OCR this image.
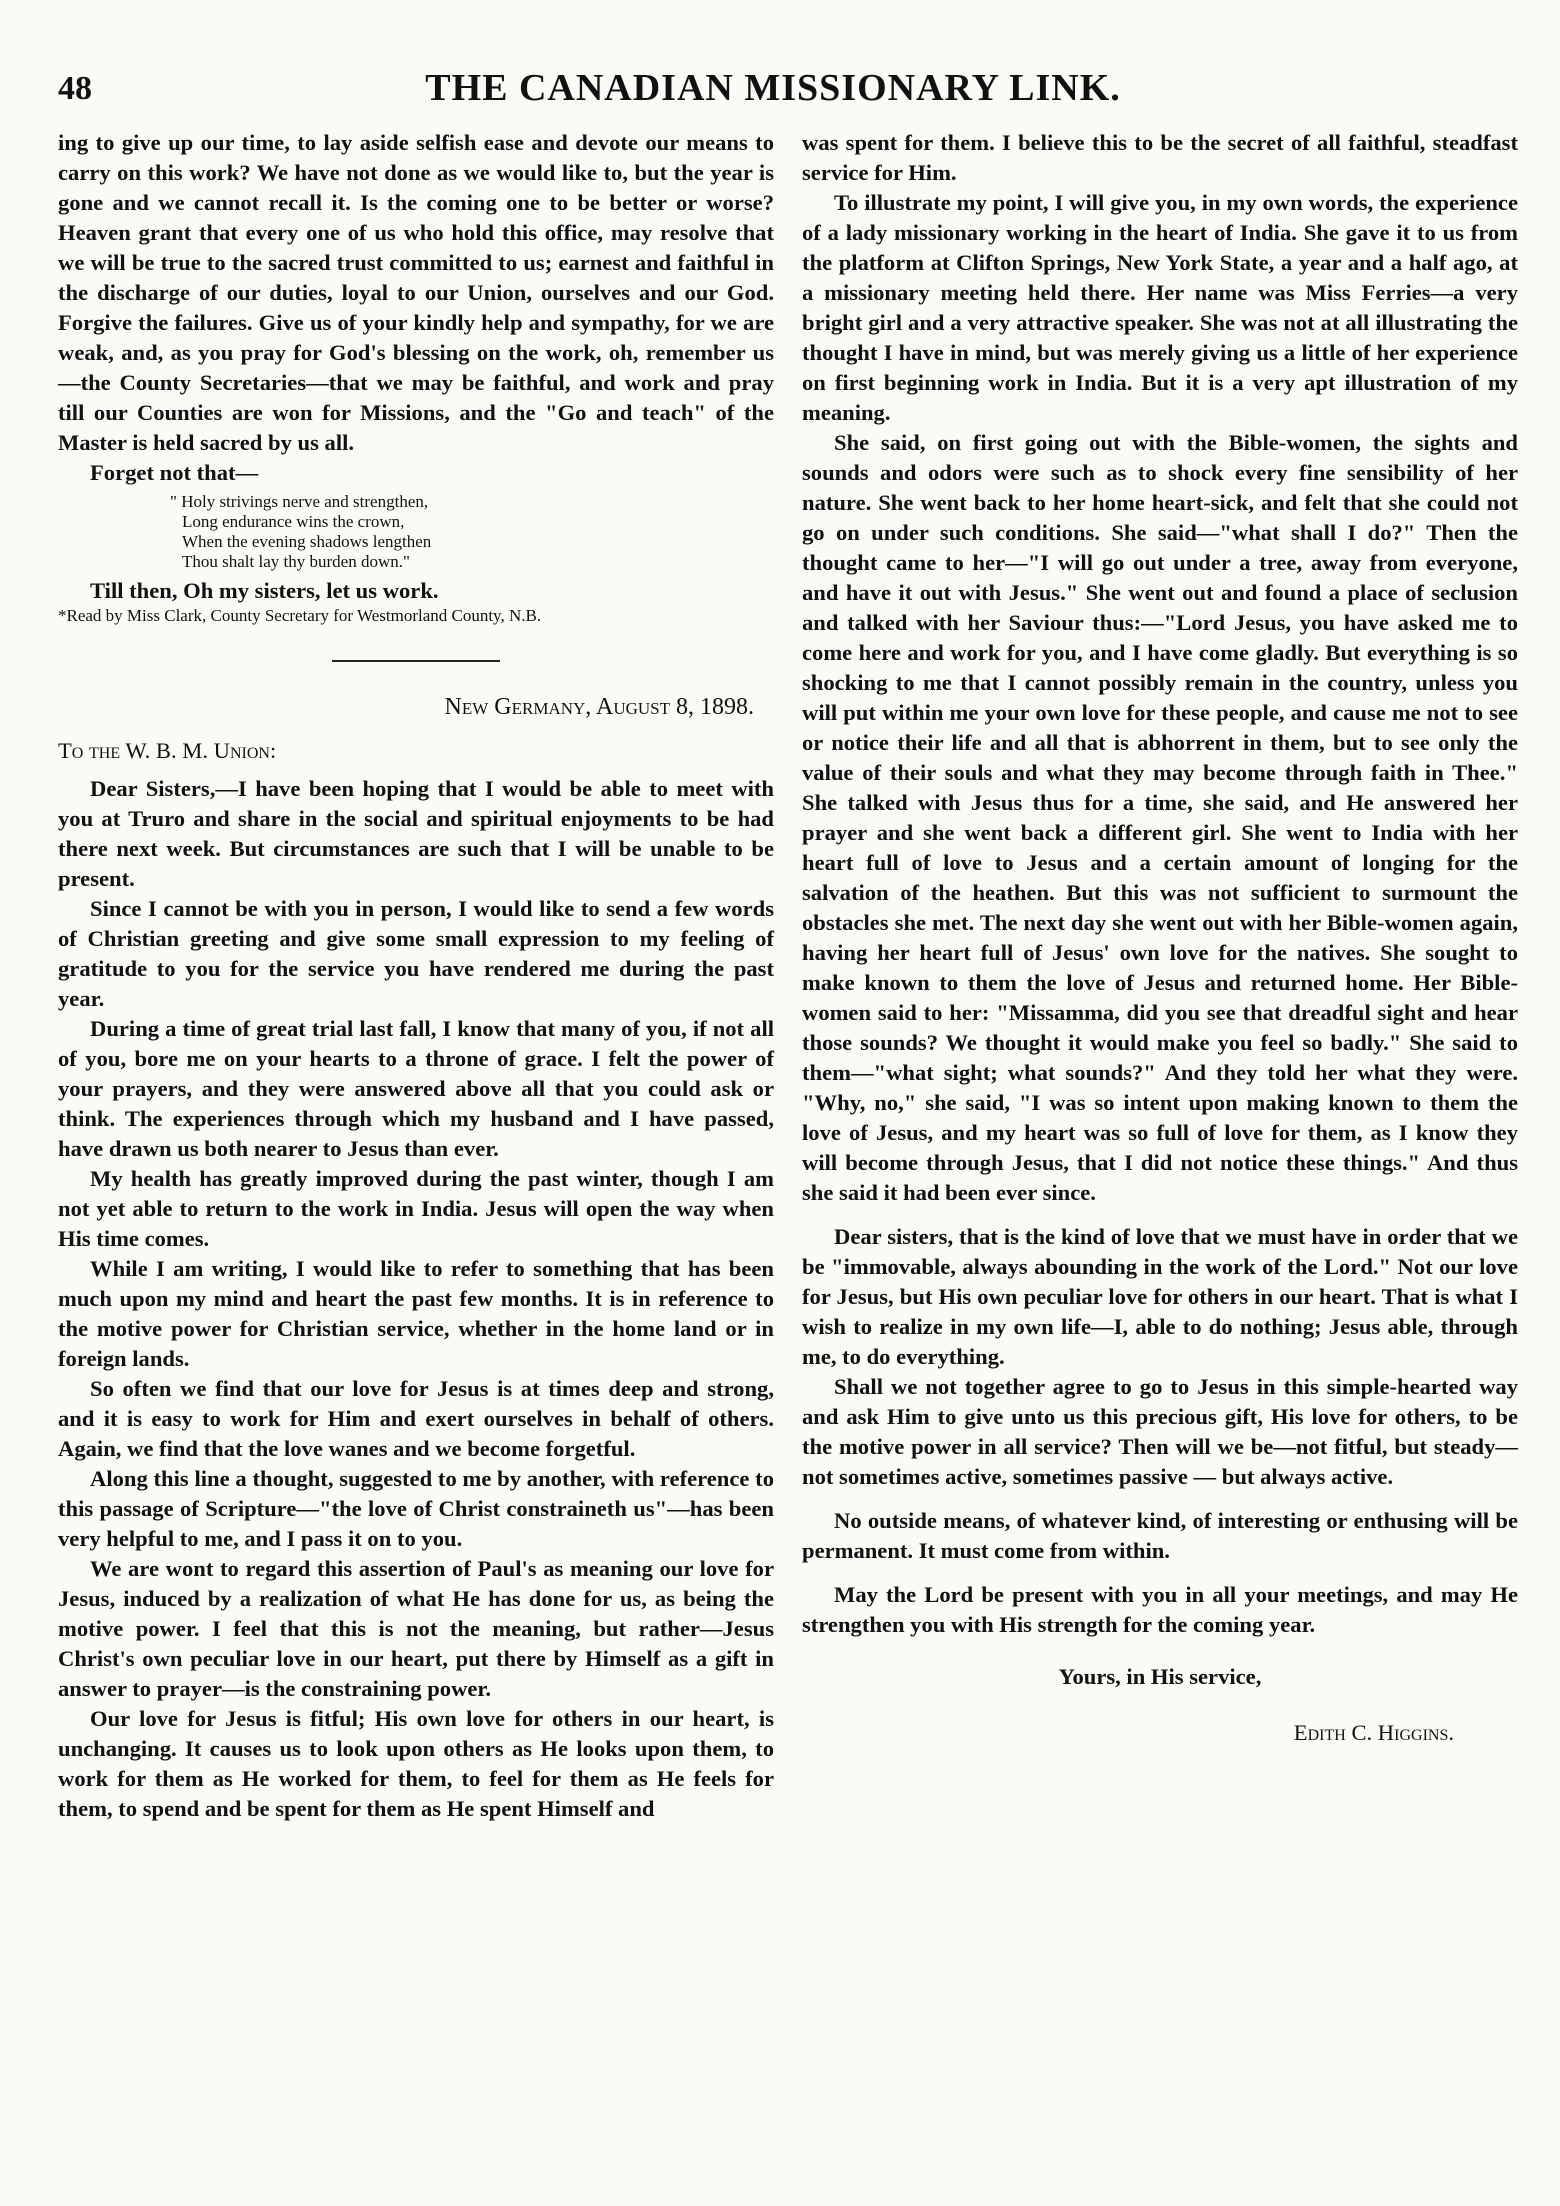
48	THE CANADIAN MISSIONARY LINK.

ing to give up our time, to lay aside selfish ease and devote our means to carry on this work? We have not done as we would like to, but the year is gone and we cannot recall it. Is the coming one to be better or worse? Heaven grant that every one of us who hold this office, may resolve that we will be true to the sacred trust committed to us; earnest and faithful in the discharge of our duties, loyal to our Union, ourselves and our God. Forgive the failures. Give us of your kindly help and sympathy, for we are weak, and, as you pray for God's blessing on the work, oh, remember us—the County Secretaries—that we may be faithful, and work and pray till our Counties are won for Missions, and the "Go and teach" of the Master is held sacred by us all.

Forget not that—

" Holy strivings nerve and strengthen,
Long endurance wins the crown,
When the evening shadows lengthen
Thou shalt lay thy burden down."

Till then, Oh my sisters, let us work.

*Read by Miss Clark, County Secretary for Westmorland County, N.B.

New Germany, August 8, 1898.
To the W. B. M. Union:

Dear Sisters,—I have been hoping that I would be able to meet with you at Truro and share in the social and spiritual enjoyments to be had there next week. But circumstances are such that I will be unable to be present.

Since I cannot be with you in person, I would like to send a few words of Christian greeting and give some small expression to my feeling of gratitude to you for the service you have rendered me during the past year.

During a time of great trial last fall, I know that many of you, if not all of you, bore me on your hearts to a throne of grace. I felt the power of your prayers, and they were answered above all that you could ask or think. The experiences through which my husband and I have passed, have drawn us both nearer to Jesus than ever.

My health has greatly improved during the past winter, though I am not yet able to return to the work in India. Jesus will open the way when His time comes.

While I am writing, I would like to refer to something that has been much upon my mind and heart the past few months. It is in reference to the motive power for Christian service, whether in the home land or in foreign lands.

So often we find that our love for Jesus is at times deep and strong, and it is easy to work for Him and exert ourselves in behalf of others. Again, we find that the love wanes and we become forgetful.

Along this line a thought, suggested to me by another, with reference to this passage of Scripture—"the love of Christ constraineth us"—has been very helpful to me, and I pass it on to you.

We are wont to regard this assertion of Paul's as meaning our love for Jesus, induced by a realization of what He has done for us, as being the motive power. I feel that this is not the meaning, but rather—Jesus Christ's own peculiar love in our heart, put there by Himself as a gift in answer to prayer—is the constraining power.

Our love for Jesus is fitful; His own love for others in our heart, is unchanging. It causes us to look upon others as He looks upon them, to work for them as He worked for them, to feel for them as He feels for them, to spend and be spent for them as He spent Himself and

was spent for them. I believe this to be the secret of all faithful, steadfast service for Him.

To illustrate my point, I will give you, in my own words, the experience of a lady missionary working in the heart of India. She gave it to us from the platform at Clifton Springs, New York State, a year and a half ago, at a missionary meeting held there. Her name was Miss Ferries—a very bright girl and a very attractive speaker. She was not at all illustrating the thought I have in mind, but was merely giving us a little of her experience on first beginning work in India. But it is a very apt illustration of my meaning.

She said, on first going out with the Bible-women, the sights and sounds and odors were such as to shock every fine sensibility of her nature. She went back to her home heart-sick, and felt that she could not go on under such conditions. She said—"what shall I do?" Then the thought came to her—"I will go out under a tree, away from everyone, and have it out with Jesus." She went out and found a place of seclusion and talked with her Saviour thus:—"Lord Jesus, you have asked me to come here and work for you, and I have come gladly. But everything is so shocking to me that I cannot possibly remain in the country, unless you will put within me your own love for these people, and cause me not to see or notice their life and all that is abhorrent in them, but to see only the value of their souls and what they may become through faith in Thee." She talked with Jesus thus for a time, she said, and He answered her prayer and she went back a different girl. She went to India with her heart full of love to Jesus and a certain amount of longing for the salvation of the heathen. But this was not sufficient to surmount the obstacles she met. The next day she went out with her Bible-women again, having her heart full of Jesus' own love for the natives. She sought to make known to them the love of Jesus and returned home. Her Bible-women said to her: "Missamma, did you see that dreadful sight and hear those sounds? We thought it would make you feel so badly." She said to them—"what sight; what sounds?" And they told her what they were. "Why, no," she said, "I was so intent upon making known to them the love of Jesus, and my heart was so full of love for them, as I know they will become through Jesus, that I did not notice these things." And thus she said it had been ever since.

Dear sisters, that is the kind of love that we must have in order that we be "immovable, always abounding in the work of the Lord." Not our love for Jesus, but His own peculiar love for others in our heart. That is what I wish to realize in my own life—I, able to do nothing; Jesus able, through me, to do everything.

Shall we not together agree to go to Jesus in this simple-hearted way and ask Him to give unto us this precious gift, His love for others, to be the motive power in all service? Then will we be—not fitful, but steady—not sometimes active, sometimes passive — but always active.

No outside means, of whatever kind, of interesting or enthusing will be permanent. It must come from within.

May the Lord be present with you in all your meetings, and may He strengthen you with His strength for the coming year.

Yours, in His service,
Edith C. Higgins.
